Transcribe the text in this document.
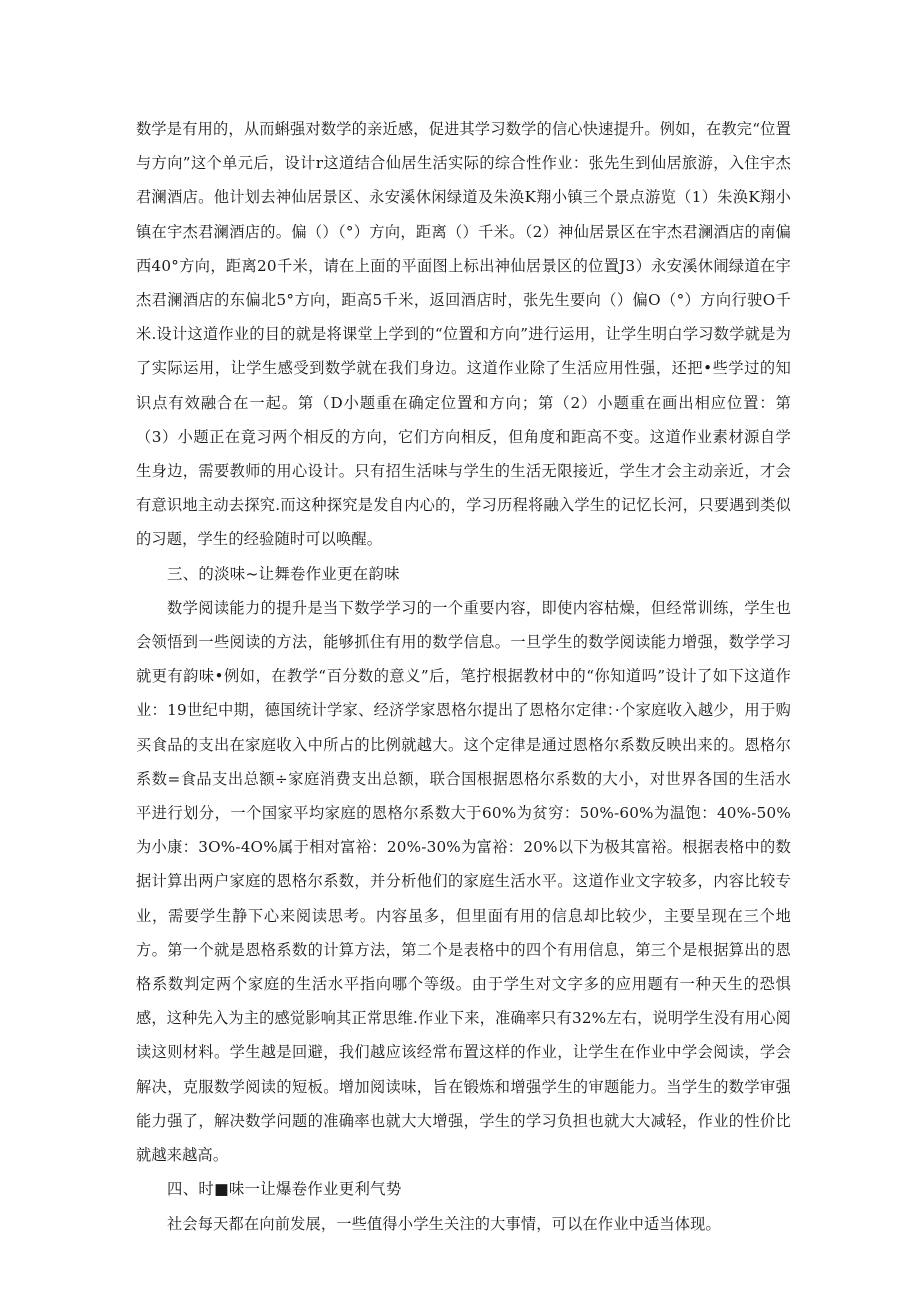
数学是有用的，从而蝌强对数学的亲近感，促进其学习数学的信心快速提升。例如，在教完“位置与方向”这个单元后，设计r这道结合仙居生活实际的综合性作业：张先生到仙居旅游，入住宇杰君澜酒店。他计划去神仙居景区、永安溪休闲绿道及朱涣K翔小镇三个景点游览（1）朱涣K翔小镇在宇杰君澜酒店的。偏（）（°）方向，距离（）千米。（2）神仙居景区在宇杰君澜酒店的南偏西40°方向，距离20千米，请在上面的平面图上标出神仙居景区的位置J3）永安溪休闹绿道在宇杰君澜酒店的东偏北5°方向，距高5千米，返回酒店时，张先生要向（）偏O（°）方向行驶O千米.设计这道作业的目的就是将课堂上学到的“位置和方向”进行运用，让学生明白学习数学就是为了实际运用，让学生感受到数学就在我们身边。这道作业除了生活应用性强，还把•些学过的知识点有效融合在一起。第（D小题重在确定位置和方向；第（2）小题重在画出相应位置：第（3）小题正在竟习两个相反的方向，它们方向相反，但角度和距高不变。这道作业素材源自学生身边，需要教师的用心设计。只有招生活味与学生的生活无限接近，学生才会主动亲近，才会有意识地主动去探究.而这种探究是发自内心的，学习历程将融入学生的记忆长河，只要遇到类似的习题，学生的经验随时可以唤醒。

三、的淡味~让舞卷作业更在韵味

数学阅读能力的提升是当下数学学习的一个重要内容，即使内容枯燥，但经常训练，学生也会领悟到一些阅读的方法，能够抓住有用的数学信息。一旦学生的数学阅读能力增强，数学学习就更有韵味•例如，在教学“百分数的意义”后，笔拧根据教材中的“你知道吗”设计了如下这道作业：19世纪中期，德国统计学家、经济学家恩格尔提出了恩格尔定律：·个家庭收入越少，用于购买食品的支出在家庭收入中所占的比例就越大。这个定律是通过恩格尔系数反映出来的。恩格尔系数=食品支出总额÷家庭消费支出总额，联合国根据恩格尔系数的大小，对世界各国的生活水平进行划分，一个国家平均家庭的恩格尔系数大于60%为贫穷：50%-60%为温饱：40%-50%为小康：3O%-4O%属于相对富裕：20%-30%为富裕：20%以下为极其富裕。根据表格中的数据计算出两户家庭的恩格尔系数，并分析他们的家庭生活水平。这道作业文字较多，内容比较专业，需要学生静下心来阅读思考。内容虽多，但里面有用的信息却比较少，主要呈现在三个地方。第一个就是恩格系数的计算方法，第二个是表格中的四个有用信息，第三个是根据算出的恩格系数判定两个家庭的生活水平指向哪个等级。由于学生对文字多的应用题有一种天生的恐惧感，这种先入为主的感觉影响其正常思维.作业下来，准确率只有32%左右，说明学生没有用心阅读这则材料。学生越是回避，我们越应该经常布置这样的作业，让学生在作业中学会阅读，学会解决，克服数学阅读的短板。增加阅读味，旨在锻炼和增强学生的审题能力。当学生的数学审强能力强了，解决数学问题的准确率也就大大增强，学生的学习负担也就大大减轻，作业的性价比就越来越高。

四、时■味一让爆卷作业更利气势

社会每天都在向前发展，一些值得小学生关注的大事情，可以在作业中适当体现。
